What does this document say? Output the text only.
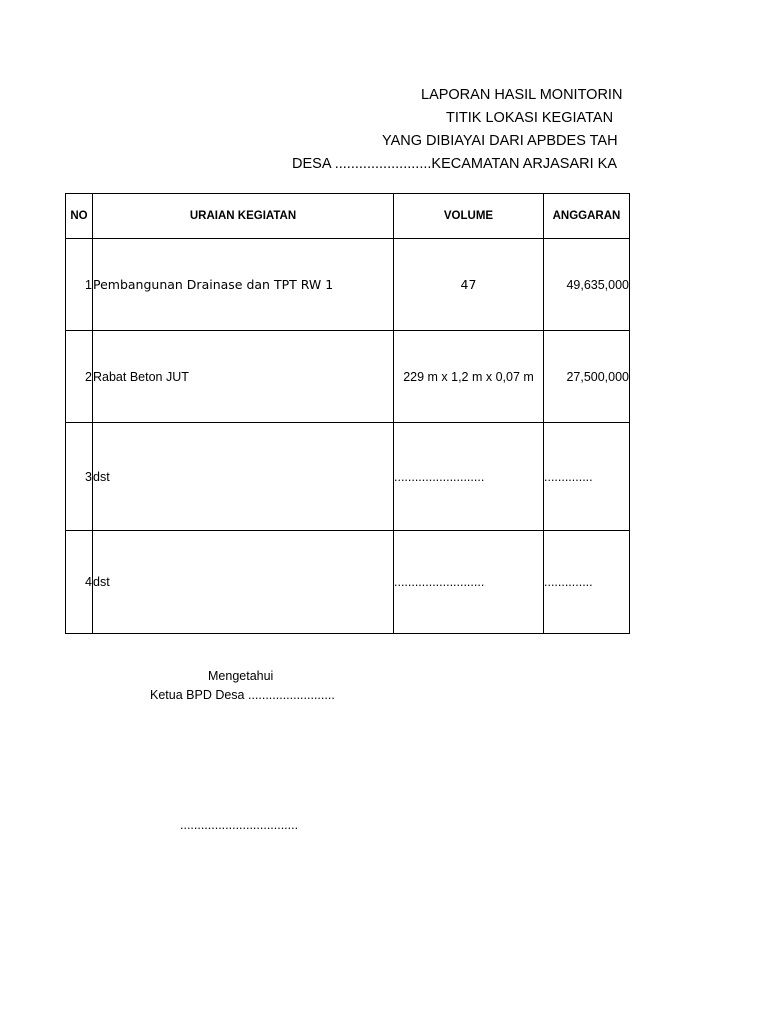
LAPORAN HASIL MONITORIN
TITIK LOKASI KEGIATAN
YANG DIBIAYAI DARI APBDES TAH
DESA ........................KECAMATAN ARJASARI KA
NO	URAIAN KEGIATAN	VOLUME	ANGGARAN
1	Pembangunan Drainase dan TPT RW 1	47	49,635,000
2	Rabat Beton JUT	229 m x 1,2 m x 0,07 m	27,500,000
3	dst	..........................	..............
4	dst	..........................	..............
Mengetahui
Ketua BPD Desa .........................
..................................
